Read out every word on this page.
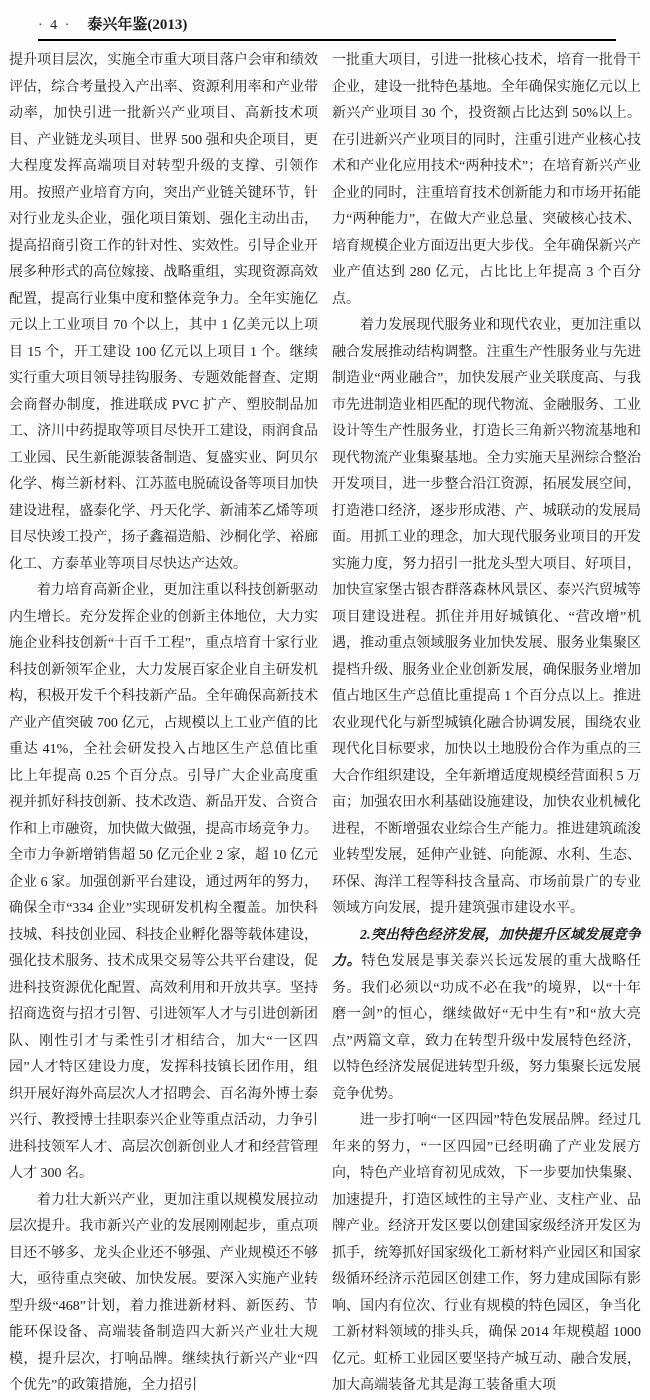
· 4 · 泰兴年鉴(2013)

提升项目层次，实施全市重大项目落户会审和绩效评估，综合考量投入产出率、资源利用率和产业带动率，加快引进一批新兴产业项目、高新技术项目、产业链龙头项目、世界 500 强和央企项目，更大程度发挥高端项目对转型升级的支撑、引领作用。按照产业培育方向，突出产业链关键环节，针对行业龙头企业，强化项目策划、强化主动出击，提高招商引资工作的针对性、实效性。引导企业开展多种形式的高位嫁接、战略重组，实现资源高效配置，提高行业集中度和整体竞争力。全年实施亿元以上工业项目 70 个以上，其中 1 亿美元以上项目 15 个，开工建设 100 亿元以上项目 1 个。继续实行重大项目领导挂钩服务、专题效能督查、定期会商督办制度，推进联成 PVC 扩产、塑胶制品加工、济川中药提取等项目尽快开工建设，雨润食品工业园、民生新能源装备制造、复盛实业、阿贝尔化学、梅兰新材料、江苏蓝电脱硫设备等项目加快建设进程，盛泰化学、丹天化学、新浦苯乙烯等项目尽快竣工投产，扬子鑫福造船、沙桐化学、裕廊化工、方泰革业等项目尽快达产达效。

着力培育高新企业，更加注重以科技创新驱动内生增长。充分发挥企业的创新主体地位，大力实施企业科技创新“十百千工程”，重点培育十家行业科技创新领军企业，大力发展百家企业自主研发机构，积极开发千个科技新产品。全年确保高新技术产业产值突破 700 亿元，占规模以上工业产值的比重达 41%，全社会研发投入占地区生产总值比重比上年提高 0.25 个百分点。引导广大企业高度重视并抓好科技创新、技术改造、新品开发、合资合作和上市融资，加快做大做强，提高市场竞争力。全市力争新增销售超 50 亿元企业 2 家，超 10 亿元企业 6 家。加强创新平台建设，通过两年的努力，确保全市“334 企业”实现研发机构全覆盖。加快科技城、科技创业园、科技企业孵化器等载体建设，强化技术服务、技术成果交易等公共平台建设，促进科技资源优化配置、高效利用和开放共享。坚持招商选资与招才引智、引进领军人才与引进创新团队、刚性引才与柔性引才相结合，加大“一区四园”人才特区建设力度，发挥科技镇长团作用，组织开展好海外高层次人才招聘会、百名海外博士泰兴行、教授博士挂职泰兴企业等重点活动，力争引进科技领军人才、高层次创新创业人才和经营管理人才 300 名。

着力壮大新兴产业，更加注重以规模发展拉动层次提升。我市新兴产业的发展刚刚起步，重点项目还不够多、龙头企业还不够强、产业规模还不够大，亟待重点突破、加快发展。要深入实施产业转型升级“468”计划，着力推进新材料、新医药、节能环保设备、高端装备制造四大新兴产业壮大规模，提升层次，打响品牌。继续执行新兴产业“四个优先”的政策措施，全力招引

一批重大项目，引进一批核心技术，培育一批骨干企业，建设一批特色基地。全年确保实施亿元以上新兴产业项目 30 个，投资额占比达到 50%以上。在引进新兴产业项目的同时，注重引进产业核心技术和产业化应用技术“两种技术”；在培育新兴产业企业的同时，注重培育技术创新能力和市场开拓能力“两种能力”，在做大产业总量、突破核心技术、培育规模企业方面迈出更大步伐。全年确保新兴产业产值达到 280 亿元，占比比上年提高 3 个百分点。

着力发展现代服务业和现代农业，更加注重以融合发展推动结构调整。注重生产性服务业与先进制造业“两业融合”，加快发展产业关联度高、与我市先进制造业相匹配的现代物流、金融服务、工业设计等生产性服务业，打造长三角新兴物流基地和现代物流产业集聚基地。全力实施天星洲综合整治开发项目，进一步整合沿江资源，拓展发展空间，打造港口经济，逐步形成港、产、城联动的发展局面。用抓工业的理念，加大现代服务业项目的开发实施力度，努力招引一批龙头型大项目、好项目，加快宣家堡古银杏群落森林风景区、泰兴汽贸城等项目建设进程。抓住并用好城镇化、“营改增”机遇，推动重点领域服务业加快发展、服务业集聚区提档升级、服务业企业创新发展，确保服务业增加值占地区生产总值比重提高 1 个百分点以上。推进农业现代化与新型城镇化融合协调发展，围绕农业现代化目标要求，加快以土地股份合作为重点的三大合作组织建设，全年新增适度规模经营面积 5 万亩；加强农田水利基础设施建设，加快农业机械化进程，不断增强农业综合生产能力。推进建筑疏浚业转型发展，延伸产业链、向能源、水利、生态、环保、海洋工程等科技含量高、市场前景广的专业领域方向发展，提升建筑强市建设水平。

2.突出特色经济发展，加快提升区域发展竞争力。特色发展是事关泰兴长远发展的重大战略任务。我们必须以“功成不必在我”的境界，以“十年磨一剑”的恒心，继续做好“无中生有”和“放大亮点”两篇文章，致力在转型升级中发展特色经济，以特色经济发展促进转型升级，努力集聚长远发展竞争优势。

进一步打响“一区四园”特色发展品牌。经过几年来的努力，“一区四园”已经明确了产业发展方向，特色产业培育初见成效，下一步要加快集聚、加速提升，打造区域性的主导产业、支柱产业、品牌产业。经济开发区要以创建国家级经济开发区为抓手，统筹抓好国家级化工新材料产业园区和国家级循环经济示范园区创建工作，努力建成国际有影响、国内有位次、行业有规模的特色园区，争当化工新材料领域的排头兵，确保 2014 年规模超 1000 亿元。虹桥工业园区要坚持产城互动、融合发展，加大高端装备尤其是海工装备重大项
